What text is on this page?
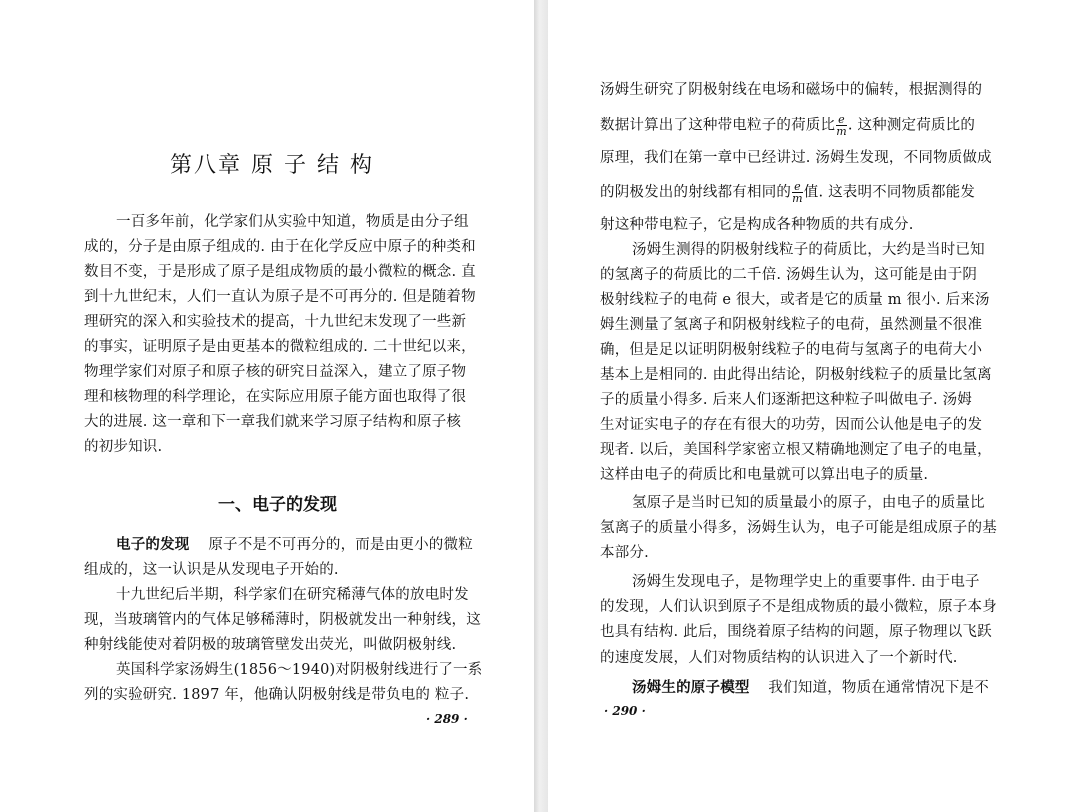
第八章 原 子 结 构
一百多年前，化学家们从实验中知道，物质是由分子组
成的，分子是由原子组成的. 由于在化学反应中原子的种类和
数目不变，于是形成了原子是组成物质的最小微粒的概念. 直
到十九世纪末，人们一直认为原子是不可再分的. 但是随着物
理研究的深入和实验技术的提高，十九世纪末发现了一些新
的事实，证明原子是由更基本的微粒组成的. 二十世纪以来，
物理学家们对原子和原子核的研究日益深入，建立了原子物
理和核物理的科学理论，在实际应用原子能方面也取得了很
大的进展. 这一章和下一章我们就来学习原子结构和原子核
的初步知识.
一、电子的发现
电子的发现 原子不是不可再分的，而是由更小的微粒
组成的，这一认识是从发现电子开始的.
十九世纪后半期，科学家们在研究稀薄气体的放电时发
现，当玻璃管内的气体足够稀薄时，阴极就发出一种射线，这
种射线能使对着阴极的玻璃管壁发出荧光，叫做阴极射线.
英国科学家汤姆生(1856～1940)对阴极射线进行了一系
列的实验研究. 1897 年，他确认阴极射线是带负电的 粒子.
· 289 ·
汤姆生研究了阴极射线在电场和磁场中的偏转，根据测得的
数据计算出了这种带电粒子的荷质比 $\frac{e}{m}$ . 这种测定荷质比的
原理，我们在第一章中已经讲过. 汤姆生发现，不同物质做成
的阴极发出的射线都有相同的 $\frac{e}{m}$ 值. 这表明不同物质都能发
射这种带电粒子，它是构成各种物质的共有成分.
汤姆生测得的阴极射线粒子的荷质比，大约是当时已知
的氢离子的荷质比的二千倍. 汤姆生认为，这可能是由于阴
极射线粒子的电荷 e 很大，或者是它的质量 m 很小. 后来汤
姆生测量了氢离子和阴极射线粒子的电荷，虽然测量不很准
确，但是足以证明阴极射线粒子的电荷与氢离子的电荷大小
基本上是相同的. 由此得出结论，阴极射线粒子的质量比氢离
子的质量小得多. 后来人们逐渐把这种粒子叫做电子. 汤姆
生对证实电子的存在有很大的功劳，因而公认他是电子的发
现者. 以后，美国科学家密立根又精确地测定了电子的电量，
这样由电子的荷质比和电量就可以算出电子的质量.
氢原子是当时已知的质量最小的原子，由电子的质量比
氢离子的质量小得多，汤姆生认为，电子可能是组成原子的基
本部分.
汤姆生发现电子，是物理学史上的重要事件. 由于电子
的发现，人们认识到原子不是组成物质的最小微粒，原子本身
也具有结构. 此后，围绕着原子结构的问题，原子物理以飞跃
的速度发展，人们对物质结构的认识进入了一个新时代.
汤姆生的原子模型 我们知道，物质在通常情况下是不
· 290 ·
